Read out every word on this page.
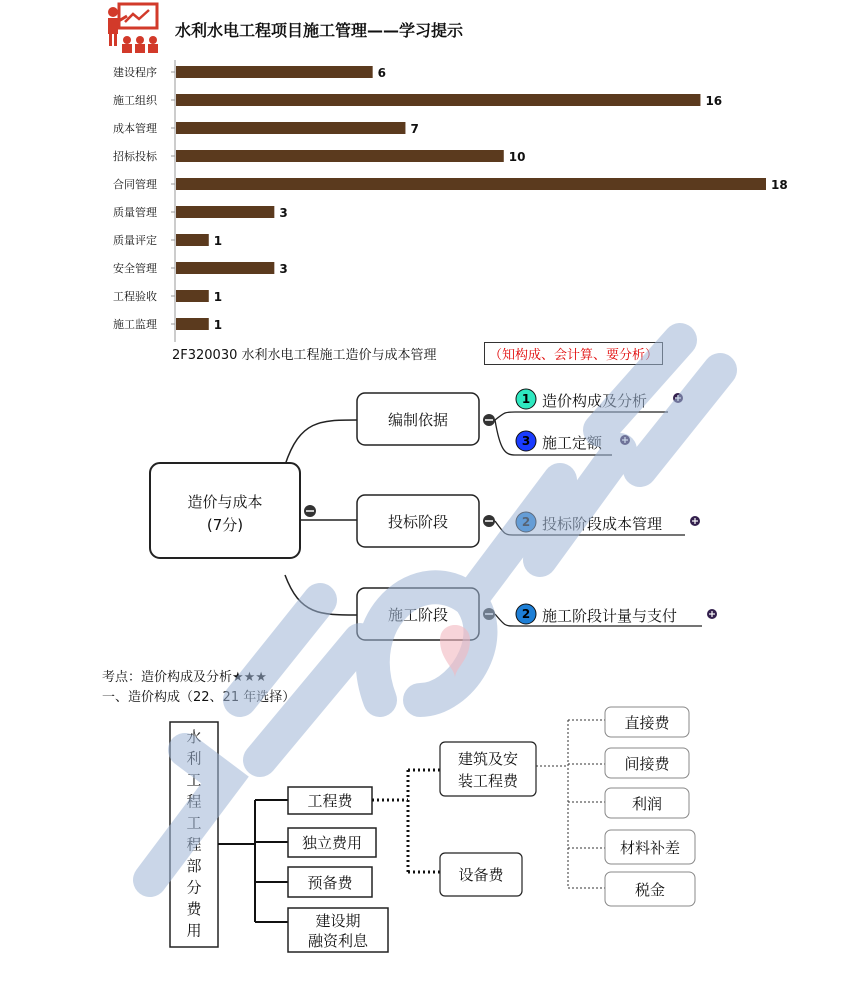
水利水电工程项目施工管理——学习提示
建设程序	6
施工组织	16
成本管理	7
招标投标	10
合同管理	18
质量管理	3
质量评定	1
安全管理	3
工程验收	1
施工监理	1
2F320030 水利水电工程施工造价与成本管理	（知构成、会计算、要分析）
造价与成本
(7分)
编制依据
1 造价构成及分析
3 施工定额
投标阶段	2 投标阶段成本管理
施工阶段	2 施工阶段计量与支付
考点：造价构成及分析★★★
一、造价构成（22、21 年选择）
水
利
工
程
工
程
部
分
费
用
工程费
独立费用
预备费
建设期
融资利息
建筑及安
装工程费
设备费
直接费
间接费
利润
材料补差
税金
